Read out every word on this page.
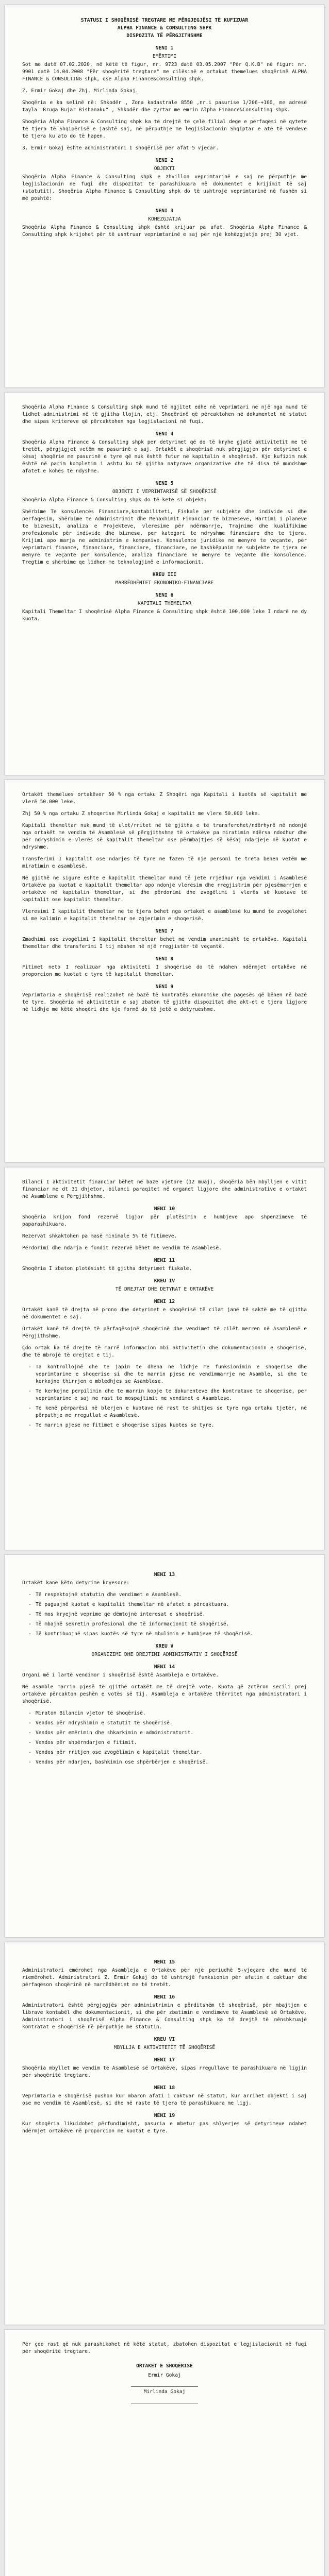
STATUSI I SHOQËRISË TREGTARE ME PËRGJEGJËSI TË KUFIZUAR
ALPHA FINANCE & CONSULTING SHPK
DISPOZITA TË PËRGJITHSHME
NENI 1
EMËRTIMI

Sot me datë 07.02.2020, në këtë të figur, nr. 9723 datë 03.05.2007 "Për Q.K.B" në figur: nr. 9901 datë 14.04.2008 "Për shoqëritë tregtare" me cilësinë e ortakut themelues shoqërinë ALPHA FINANCE & CONSULTING shpk, ose Alpha Finance&Consulting shpk.

Z. Ermir Gokaj dhe Zhj. Mirlinda Gokaj.

Shoqëria e ka selinë në: Shkodër , Zona kadastrale 8550 ,nr.i pasurise 1/206-+100, me adresë tayla "Rruga Bujar Bishanaku" , Shkodër dhe zyrtar me emrin Alpha Finance&Consulting shpk.

Shoqëria Alpha Finance & Consulting shpk ka të drejtë të çelë filial dege e përfaqësi në qytete të tjera të Shqipërisë e jashtë saj, në përputhje me legjislacionin Shqiptar e atë të vendeve të tjera ku ato do të hapen.

3. Ermir Gokaj ështe administratori I shoqërisë per afat 5 vjecar.

NENI 2
OBJEKTI

Shoqëria Alpha Finance & Consulting shpk e zhvillon veprimtarinë e saj ne përputhje me legjislacionin ne fuqi dhe dispozitat te parashikuara në dokumentet e krijimit të saj (statutit). Shoqëria Alpha Finance & Consulting shpk do të ushtrojë veprimtarinë në fushën si më poshtë:

NENI 3
KOHËZGJATJA

Shoqëria Alpha Finance & Consulting shpk është krijuar pa afat. Shoqëria Alpha Finance & Consulting shpk krijohet për të ushtruar veprimtarinë e saj për një kohëzgjatje prej 30 vjet.

Shoqëria Alpha Finance & Consulting shpk mund të ngjitet edhe në veprimtari në një nga mund të lidhet administrimi në të gjitha llojin, etj. Shoqërinë që përcaktohen në dokumentet në statut dhe sipas kritereve që përcaktohen nga legjislacioni në fuqi.

NENI 4

Shoqëria Alpha Finance & Consulting shpk per detyrimet që do të kryhe gjatë aktivitetit me të tretët, përgjigjet vetëm me pasurinë e saj. Ortakët e shoqërisë nuk përgjigjen për detyrimet e kësaj shoqërie me pasurinë e tyre që nuk është futur në kapitalin e shoqërisë. Kjo kufizim nuk është në parim kompletim i ashtu ku të gjitha natyrave organizative dhe të disa të mundshme afatet e kohës të ndyshme.

NENI 5
OBJEKTI I VEPRIMTARISË SË SHOQËRISË

Shoqëria Alpha Finance & Consulting shpk do të kete si objekt:

Shërbime Te konsulencës Financiare,kontabiliteti, Fiskale per subjekte dhe individe si dhe perfaqesim, Shërbime te Administrimit dhe Menaxhimit Financiar te bizneseve, Hartimi i planeve te biznesit, analiza e Projekteve, vleresime për ndërmarrje, Trajnime dhe kualifikime profesionale për individe dhe biznese, per kategori te ndryshme financiare dhe te tjera. Krijimi apo marja ne administrim e kompanive. Konsulence juridike ne menyre te veçante, për veprimtari finance, financiare, financiare, financiare, ne bashkëpunim me subjekte te tjera ne menyre te veçante per konsulence, analiza financiare ne menyre te veçante dhe konsulence. Tregtim e shërbime qe lidhen me teknologjinë e informacionit.

KREU III
MARRËDHËNIET EKONOMIKO-FINANCIARE
NENI 6
KAPITALI THEMELTAR

Kapitali Themeltar I shoqërisë Alpha Finance & Consulting shpk është 100.000 leke I ndarë ne dy kuota.

Ortakët themelues ortakëver 50 % nga ortaku Z Shoqëri nga Kapitali i kuotës së kapitalit me vlerë 50.000 leke.

Zhj 50 % nga ortaku Z shoqerise Mirlinda Gokaj e kapitalit me vlere 50.000 leke.

Kapitali themeltar nuk mund të ulet/rritet në të gjitha e të transferohet/ndërhyrë në ndonjë nga ortakët me vendim të Asamblesë së përgjithshme të ortakëve pa miratimin ndërsa ndodhur dhe për ndryshimin e vlerës së kapitalit themeltar ose përmbajtjes së kësaj ndarjeje në kuotat e ndryshme.

Transferimi I kapitalit ose ndarjes të tyre ne fazen të nje personi te treta behen vetëm me miratimin e asamblesë.

Në gjithë ne sigure eshte e kapitalit themeltar mund të jetë rrjedhur nga vendimi i Asamblesë Ortakëve pa kuotat e kapitalit themeltar apo ndonjë vlerësim dhe rregjistrim për pjesëmarrjen e ortakëve në kapitalin themeltar, si dhe përdorimi dhe zvogëlimi i vlerës së kuotave të kapitalit ose kapitalit themeltar.

Vleresimi I kapitalit themeltar ne te tjera behet nga ortaket e asamblesë ku mund te zvogelohet si me kalimin e kapitalit themeltar ne zgjerimin e shoqerisë.

NENI 7

Zmadhimi ose zvogëlimi I kapitalit themeltar behet me vendim unanimisht te ortakëve. Kapitali themeltar dhe transferimi I tij mbahen në një rregjistër të veçantë.

NENI 8

Fitimet neto I realizuar nga aktiviteti I shoqërisë do të ndahen ndërmjet ortakëve në proporcion me kuotat e tyre të kapitalit themeltar.

NENI 9

Veprimtaria e shoqërisë realizohet në bazë të kontratës ekonomike dhe pagesës që bëhen në bazë të tyre. Shoqëria në aktivitetin e saj zbaton të gjitha dispozitat dhe akt-et e tjera ligjore në lidhje me këtë shoqëri dhe kjo formë do të jetë e detyrueshme.

Bilanci I aktivitetit financiar bëhet në baze vjetore (12 muaj), shoqëria bën mbylljen e vitit financiar me dt 31 dhjetor, bilanci paraqitet në organet ligjore dhe administrative e ortakët në Asamblenë e Përgjithshme.

NENI 10

Shoqëria krijon fond rezervë ligjor për plotësimin e humbjeve apo shpenzimeve të paparashikuara.

Rezervat shkaktohen pa masë minimale 5% të fitimeve.

Përdorimi dhe ndarja e fondit rezervë bëhet me vendim të Asamblesë.

NENI 11

Shoqëria I zbaton plotësisht të gjitha detyrimet fiskale.

KREU IV
TË DREJTAT DHE DETYRAT E ORTAKËVE
NENI 12

Ortakët kanë të drejta në prono dhe detyrimet e shoqërisë të cilat janë të saktë me të gjitha në dokumentet e saj.

Ortakët kanë të drejtë të përfaqësojnë shoqërinë dhe vendimet të cilët merren në Asamblenë e Përgjithshme.

Çdo ortak ka të drejtë të marrë informacion mbi aktivitetin dhe dokumentacionin e shoqërisë, dhe të mbrojë të drejtat e tij.

- Ta kontrollojnë dhe te japin te dhena ne lidhje me funksionimin e shoqerise dhe veprimtarine e shoqerise si dhe te marrin pjese ne vendimmarrje ne Asamble, si dhe te kerkojne thirrjen e mbledhjes se Asamblese.
- Te kerkojne perpilimin dhe te marrin kopje te dokumenteve dhe kontratave te shoqerise, per veprimtarine e saj ne rast te mospajtimit me vendimet e Asamblese.
- Te kenë përparësi në blerjen e kuotave në rast te shitjes se tyre nga ortaku tjetër, në përputhje me rregullat e Asamblesë.
- Te marrin pjese ne fitimet e shoqerise sipas kuotes se tyre.
NENI 13

Ortakët kanë këto detyrime kryesore:

- Të respektojnë statutin dhe vendimet e Asamblesë.
- Të paguajnë kuotat e kapitalit themeltar në afatet e përcaktuara.
- Të mos kryejnë veprime që dëmtojnë interesat e shoqërisë.
- Të mbajnë sekretin profesional dhe të informacionit të shoqërisë.
- Të kontribuojnë sipas kuotës së tyre në mbulimin e humbjeve të shoqërisë.
KREU V
ORGANIZIMI DHE DREJTIMI ADMINISTRATIV I SHOQËRISË
NENI 14

Organi më i lartë vendimor i shoqërisë është Asambleja e Ortakëve.

Në asamble marrin pjesë të gjithë ortakët me të drejtë vote. Kuota që zotëron secili prej ortakëve përcakton peshën e votës së tij. Asambleja e ortakëve thërritet nga administratori i shoqërisë.

- Miraton Bilancin vjetor të shoqërisë.
- Vendos për ndryshimin e statutit të shoqërisë.
- Vendos për emërimin dhe shkarkimin e administratorit.
- Vendos për shpërndarjen e fitimit.
- Vendos për rritjen ose zvogëlimin e kapitalit themeltar.
- Vendos për ndarjen, bashkimin ose shpërbërjen e shoqërisë.
NENI 15

Administratori emërohet nga Asambleja e Ortakëve për një periudhë 5-vjeçare dhe mund të riemërohet. Administratori Z. Ermir Gokaj do të ushtrojë funksionin për afatin e caktuar dhe përfaqëson shoqërinë në marrëdhëniet me të tretët.

NENI 16

Administratori është përgjegjës për administrimin e përditshëm të shoqërisë, për mbajtjen e librave kontabël dhe dokumentacionit, si dhe për zbatimin e vendimeve të Asamblesë së Ortakëve. Administratori i shoqërisë Alpha Finance & Consulting shpk ka të drejtë të nënshkruajë kontratat e shoqërisë në përputhje me statutin.

KREU VI
MBYLLJA E AKTIVITETIT TË SHOQËRISË
NENI 17

Shoqëria mbyllet me vendim të Asamblesë së Ortakëve, sipas rregullave të parashikuara në ligjin për shoqëritë tregtare.

NENI 18

Veprimtaria e shoqërisë pushon kur mbaron afati i caktuar në statut, kur arrihet objekti i saj ose me vendim të Asamblesë, si dhe në raste të tjera të parashikuara me ligj.

NENI 19

Kur shoqëria likuidohet përfundimisht, pasuria e mbetur pas shlyerjes së detyrimeve ndahet ndërmjet ortakëve në proporcion me kuotat e tyre.

Për çdo rast që nuk parashikohet në këtë statut, zbatohen dispozitat e legjislacionit në fuqi për shoqëritë tregtare.

ORTAKET E SHOQËRISË
Ermir Gokaj
Mirlinda Gokaj
